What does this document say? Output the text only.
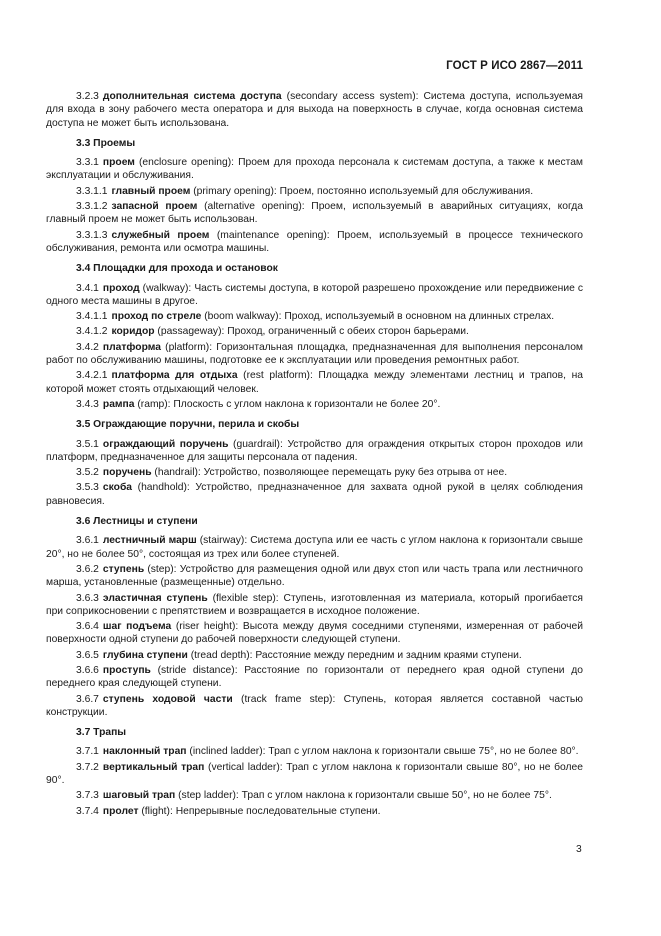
ГОСТ Р ИСО 2867—2011

3.2.3 дополнительная система доступа (secondary access system): Система доступа, используемая для входа в зону рабочего места оператора и для выхода на поверхность в случае, когда основная система доступа не может быть использована.

3.3 Проемы

3.3.1 проем (enclosure opening): Проем для прохода персонала к системам доступа, а также к местам эксплуатации и обслуживания.

3.3.1.1 главный проем (primary opening): Проем, постоянно используемый для обслуживания.

3.3.1.2 запасной проем (alternative opening): Проем, используемый в аварийных ситуациях, когда главный проем не может быть использован.

3.3.1.3 служебный проем (maintenance opening): Проем, используемый в процессе технического обслуживания, ремонта или осмотра машины.

3.4 Площадки для прохода и остановок

3.4.1 проход (walkway): Часть системы доступа, в которой разрешено прохождение или передвижение с одного места машины в другое.

3.4.1.1 проход по стреле (boom walkway): Проход, используемый в основном на длинных стрелах.

3.4.1.2 коридор (passageway): Проход, ограниченный с обеих сторон барьерами.

3.4.2 платформа (platform): Горизонтальная площадка, предназначенная для выполнения персоналом работ по обслуживанию машины, подготовке ее к эксплуатации или проведения ремонтных работ.

3.4.2.1 платформа для отдыха (rest platform): Площадка между элементами лестниц и трапов, на которой может стоять отдыхающий человек.

3.4.3 рампа (ramp): Плоскость с углом наклона к горизонтали не более 20°.

3.5 Ограждающие поручни, перила и скобы

3.5.1 ограждающий поручень (guardrail): Устройство для ограждения открытых сторон проходов или платформ, предназначенное для защиты персонала от падения.

3.5.2 поручень (handrail): Устройство, позволяющее перемещать руку без отрыва от нее.

3.5.3 скоба (handhold): Устройство, предназначенное для захвата одной рукой в целях соблюдения равновесия.

3.6 Лестницы и ступени

3.6.1 лестничный марш (stairway): Система доступа или ее часть с углом наклона к горизонтали свыше 20°, но не более 50°, состоящая из трех или более ступеней.

3.6.2 ступень (step): Устройство для размещения одной или двух стоп или часть трапа или лестничного марша, установленные (размещенные) отдельно.

3.6.3 эластичная ступень (flexible step): Ступень, изготовленная из материала, который прогибается при соприкосновении с препятствием и возвращается в исходное положение.

3.6.4 шаг подъема (riser height): Высота между двумя соседними ступенями, измеренная от рабочей поверхности одной ступени до рабочей поверхности следующей ступени.

3.6.5 глубина ступени (tread depth): Расстояние между передним и задним краями ступени.

3.6.6 проступь (stride distance): Расстояние по горизонтали от переднего края одной ступени до переднего края следующей ступени.

3.6.7 ступень ходовой части (track frame step): Ступень, которая является составной частью конструкции.

3.7 Трапы

3.7.1 наклонный трап (inclined ladder): Трап с углом наклона к горизонтали свыше 75°, но не более 80°.

3.7.2 вертикальный трап (vertical ladder): Трап с углом наклона к горизонтали свыше 80°, но не более 90°.

3.7.3 шаговый трап (step ladder): Трап с углом наклона к горизонтали свыше 50°, но не более 75°.

3.7.4 пролет (flight): Непрерывные последовательные ступени.

3
